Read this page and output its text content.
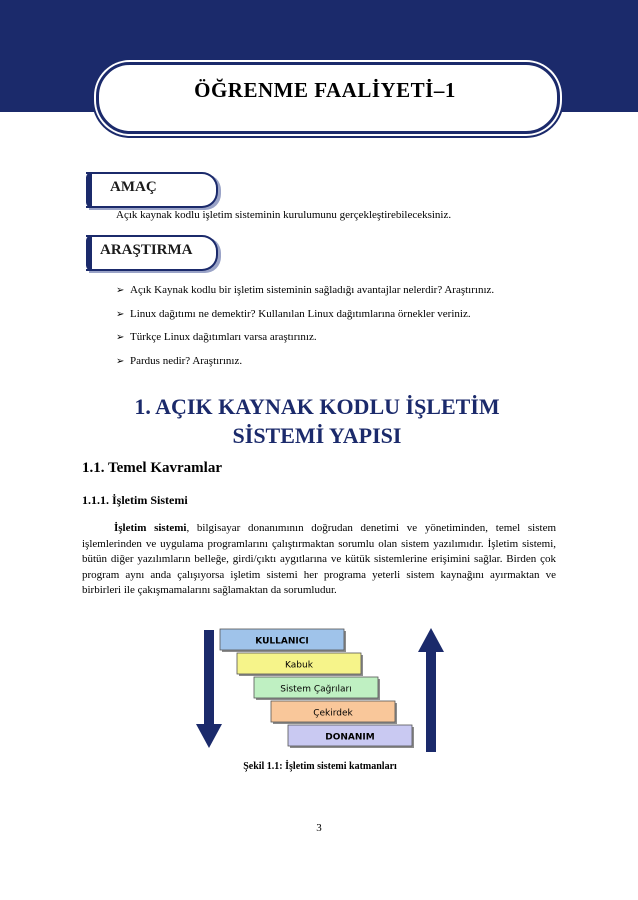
ÖĞRENME FAALİYETİ–1
AMAÇ
Açık kaynak kodlu işletim sisteminin kurulumunu gerçekleştirebileceksiniz.
ARAŞTIRMA
➢ Açık Kaynak kodlu bir işletim sisteminin sağladığı avantajlar nelerdir? Araştırınız.
➢ Linux dağıtımı ne demektir? Kullanılan Linux dağıtımlarına örnekler veriniz.
➢ Türkçe Linux dağıtımları varsa araştırınız.
➢ Pardus nedir? Araştırınız.
1. AÇIK KAYNAK KODLU İŞLETİM
SİSTEMİ YAPISI
1.1. Temel Kavramlar
1.1.1. İşletim Sistemi
İşletim sistemi, bilgisayar donanımının doğrudan denetimi ve yönetiminden, temel sistem işlemlerinden ve uygulama programlarını çalıştırmaktan sorumlu olan sistem yazılımıdır. İşletim sistemi, bütün diğer yazılımların belleğe, girdi/çıktı aygıtlarına ve kütük sistemlerine erişimini sağlar. Birden çok program aynı anda çalışıyorsa işletim sistemi her programa yeterli sistem kaynağını ayırmaktan ve birbirleri ile çakışmamalarını sağlamaktan da sorumludur.
KULLANICI
Kabuk
Sistem Çağrıları
Çekirdek
DONANIM
Şekil 1.1: İşletim sistemi katmanları
3
